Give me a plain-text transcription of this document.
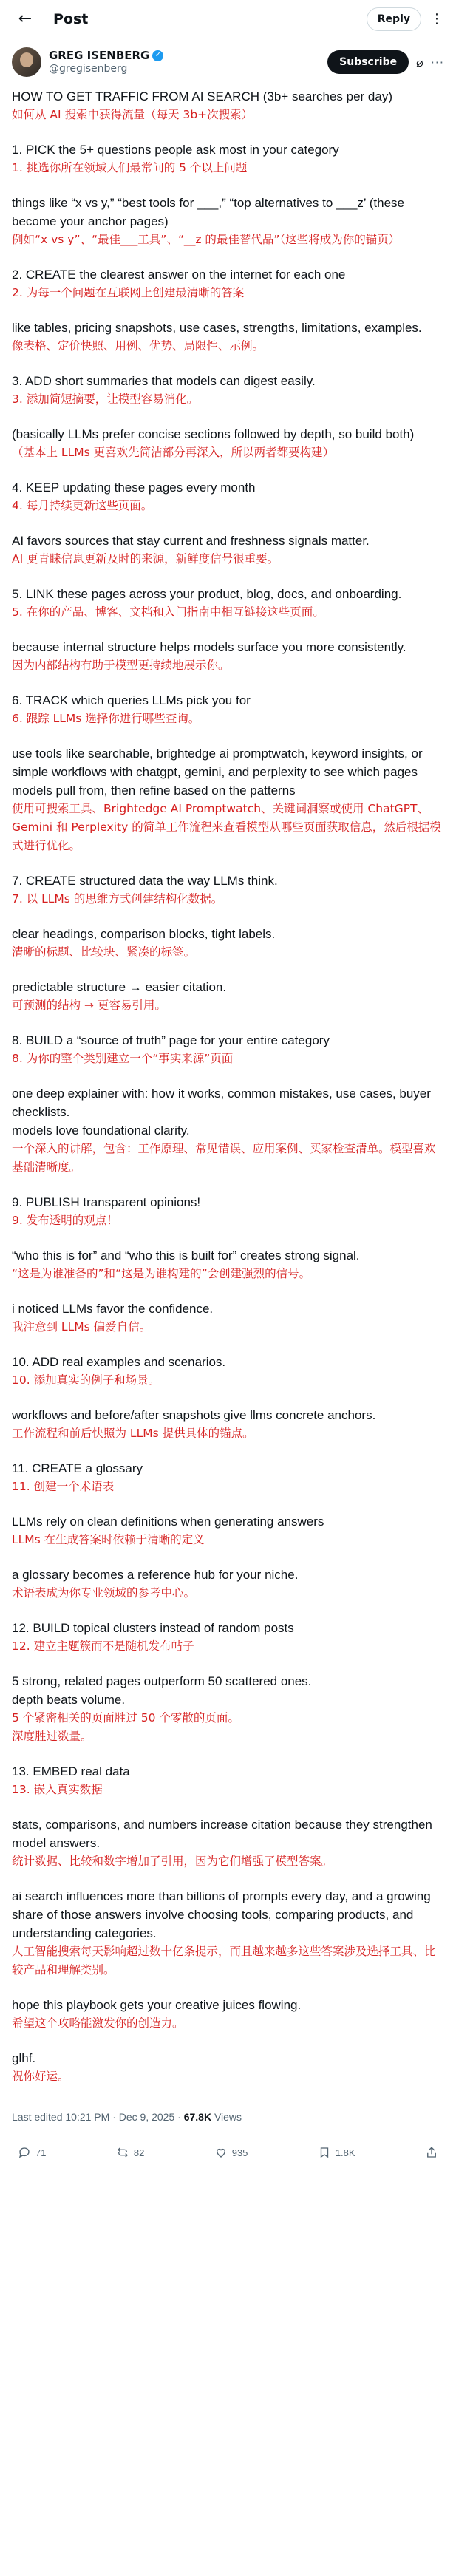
←	Post	Reply	⋮
GREG ISENBERG ✓
@gregisenberg
Subscribe	⌀ ···
HOW TO GET TRAFFIC FROM AI SEARCH (3b+ searches per day)
如何从 AI 搜索中获得流量（每天 3b+次搜索）
1. PICK the 5+ questions people ask most in your category
1. 挑选你所在领域人们最常问的 5 个以上问题
things like “x vs y,” “best tools for ___,” “top alternatives to ___z’ (these become your anchor pages)
例如“x vs y”、“最佳___工具”、“__z 的最佳替代品”（这些将成为你的锚页）
2. CREATE the clearest answer on the internet for each one
2. 为每一个问题在互联网上创建最清晰的答案
like tables, pricing snapshots, use cases, strengths, limitations, examples.
像表格、定价快照、用例、优势、局限性、示例。
3. ADD short summaries that models can digest easily.
3. 添加简短摘要，让模型容易消化。
(basically LLMs prefer concise sections followed by depth, so build both)
（基本上 LLMs 更喜欢先简洁部分再深入，所以两者都要构建）
4. KEEP updating these pages every month
4. 每月持续更新这些页面。
AI favors sources that stay current and freshness signals matter.
AI 更青睐信息更新及时的来源，新鲜度信号很重要。
5. LINK these pages across your product, blog, docs, and onboarding.
5. 在你的产品、博客、文档和入门指南中相互链接这些页面。
because internal structure helps models surface you more consistently.
因为内部结构有助于模型更持续地展示你。
6. TRACK which queries LLMs pick you for
6. 跟踪 LLMs 选择你进行哪些查询。
use tools like searchable, brightedge ai promptwatch, keyword insights, or simple workflows with chatgpt, gemini, and perplexity to see which pages models pull from, then refine based on the patterns
使用可搜索工具、Brightedge AI Promptwatch、关键词洞察或使用 ChatGPT、Gemini 和 Perplexity 的简单工作流程来查看模型从哪些页面获取信息，然后根据模式进行优化。
7. CREATE structured data the way LLMs think.
7. 以 LLMs 的思维方式创建结构化数据。
clear headings, comparison blocks, tight labels.
清晰的标题、比较块、紧凑的标签。
predictable structure → easier citation.
可预测的结构 → 更容易引用。
8. BUILD a “source of truth” page for your entire category
8. 为你的整个类别建立一个“事实来源”页面
one deep explainer with: how it works, common mistakes, use cases, buyer checklists.
models love foundational clarity.
一个深入的讲解，包含：工作原理、常见错误、应用案例、买家检查清单。模型喜欢基础清晰度。
9. PUBLISH transparent opinions!
9. 发布透明的观点！
“who this is for” and “who this is built for” creates strong signal.
“这是为谁准备的”和“这是为谁构建的”会创建强烈的信号。
i noticed LLMs favor the confidence.
我注意到 LLMs 偏爱自信。
10. ADD real examples and scenarios.
10. 添加真实的例子和场景。
workflows and before/after snapshots give llms concrete anchors.
工作流程和前后快照为 LLMs 提供具体的锚点。
11. CREATE a glossary
11. 创建一个术语表
LLMs rely on clean definitions when generating answers
LLMs 在生成答案时依赖于清晰的定义
a glossary becomes a reference hub for your niche.
术语表成为你专业领域的参考中心。
12. BUILD topical clusters instead of random posts
12. 建立主题簇而不是随机发布帖子
5 strong, related pages outperform 50 scattered ones.
depth beats volume.
5 个紧密相关的页面胜过 50 个零散的页面。
深度胜过数量。
13. EMBED real data
13. 嵌入真实数据
stats, comparisons, and numbers increase citation because they strengthen model answers.
统计数据、比较和数字增加了引用，因为它们增强了模型答案。
ai search influences more than billions of prompts every day, and a growing share of those answers involve choosing tools, comparing products, and understanding categories.
人工智能搜索每天影响超过数十亿条提示，而且越来越多这些答案涉及选择工具、比较产品和理解类别。
hope this playbook gets your creative juices flowing.
希望这个攻略能激发你的创造力。
glhf.
祝你好运。
Last edited 10:21 PM · Dec 9, 2025 · 67.8K Views
71	82	935	1.8K
